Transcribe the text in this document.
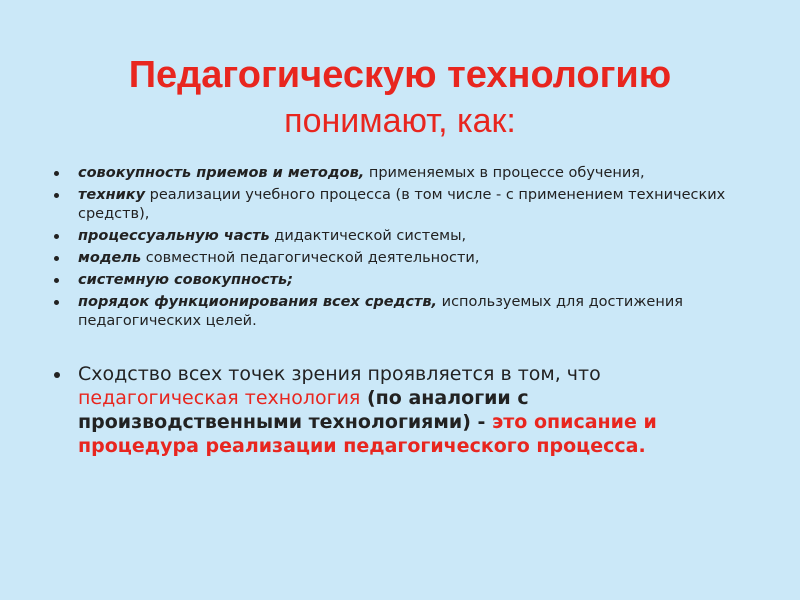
Педагогическую технологию
понимают, как:
совокупность приемов и методов, применяемых в процессе обучения,
технику реализации учебного процесса (в том числе - с применением технических средств),
процессуальную часть дидактической системы,
модель совместной педагогической деятельности,
системную совокупность;
порядок функционирования всех средств, используемых для достижения педагогических целей.
Сходство всех точек зрения проявляется в том, что педагогическая технология (по аналогии с производственными технологиями) - это описание и процедура реализации педагогического процесса.
